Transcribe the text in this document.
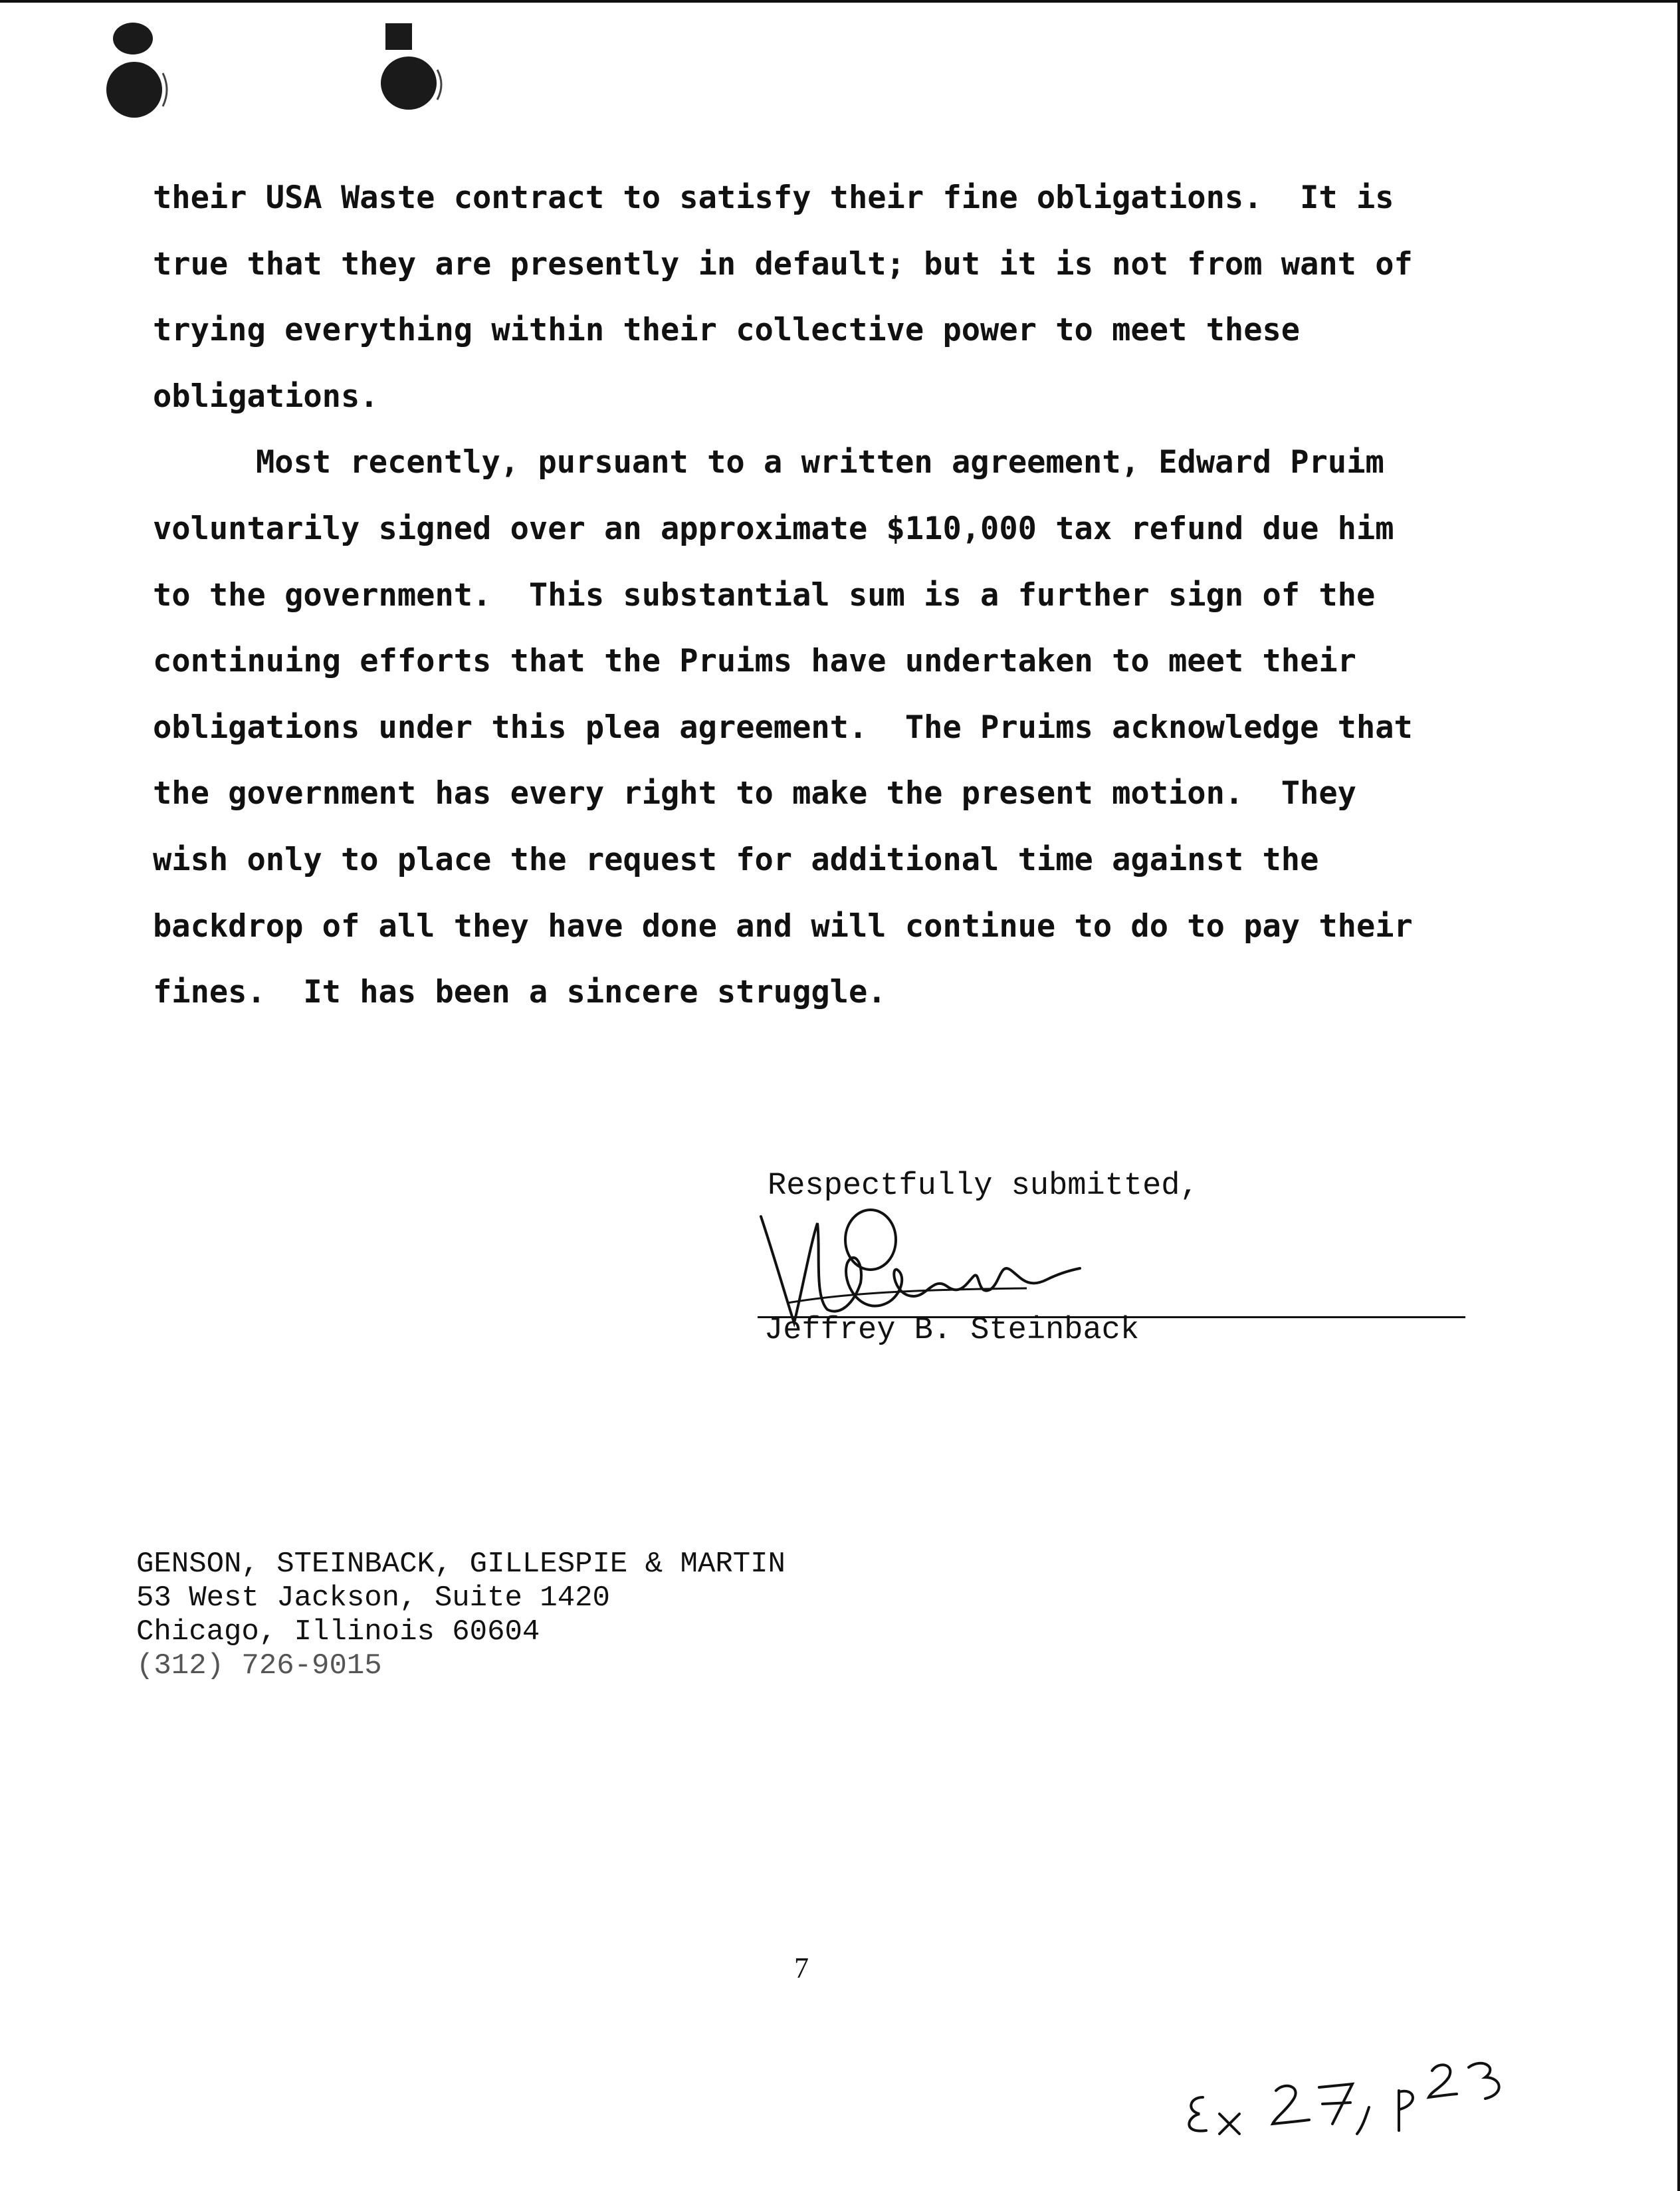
their USA Waste contract to satisfy their fine obligations.  It is
true that they are presently in default; but it is not from want of
trying everything within their collective power to meet these
obligations.
Most recently, pursuant to a written agreement, Edward Pruim
voluntarily signed over an approximate $110,000 tax refund due him
to the government.  This substantial sum is a further sign of the
continuing efforts that the Pruims have undertaken to meet their
obligations under this plea agreement.  The Pruims acknowledge that
the government has every right to make the present motion.  They
wish only to place the request for additional time against the
backdrop of all they have done and will continue to do to pay their
fines.  It has been a sincere struggle.
Respectfully submitted,
Jeffrey B. Steinback
GENSON, STEINBACK, GILLESPIE & MARTIN
53 West Jackson, Suite 1420
Chicago, Illinois 60604
(312) 726-9015
7
